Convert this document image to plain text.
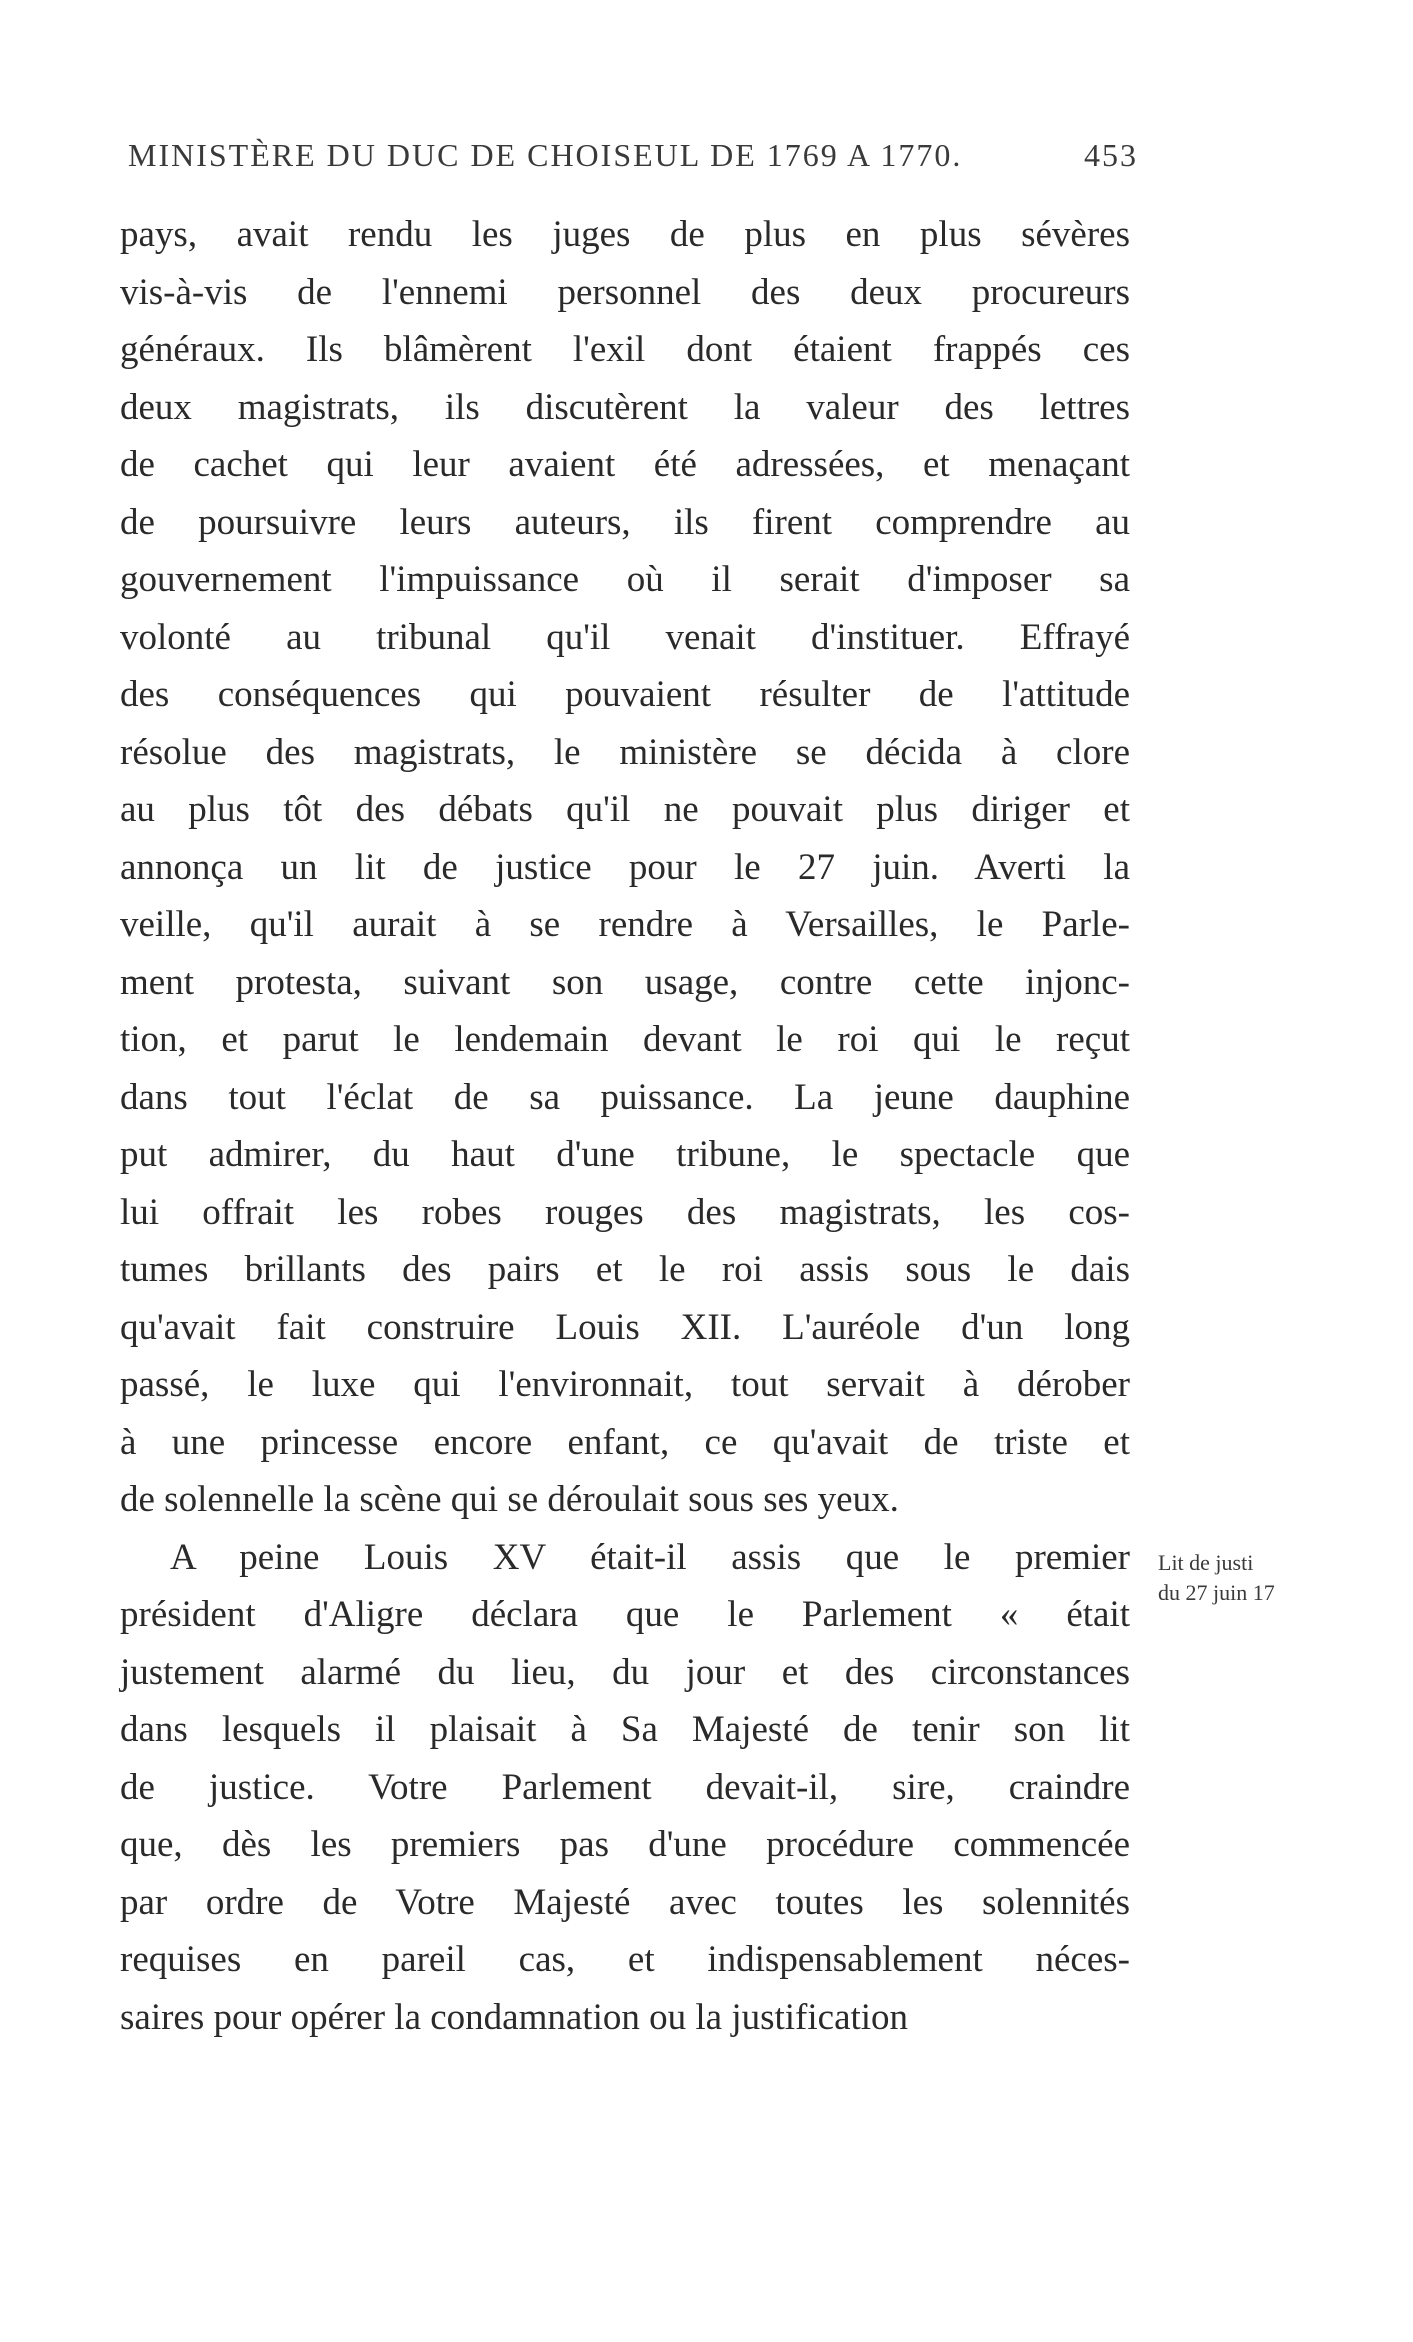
MINISTÈRE DU DUC DE CHOISEUL DE 1769 A 1770.	453
pays, avait rendu les juges de plus en plus sévères
vis-à-vis de l'ennemi personnel des deux procureurs
généraux. Ils blâmèrent l'exil dont étaient frappés ces
deux magistrats, ils discutèrent la valeur des lettres
de cachet qui leur avaient été adressées, et menaçant
de poursuivre leurs auteurs, ils firent comprendre au
gouvernement l'impuissance où il serait d'imposer sa
volonté au tribunal qu'il venait d'instituer. Effrayé
des conséquences qui pouvaient résulter de l'attitude
résolue des magistrats, le ministère se décida à clore
au plus tôt des débats qu'il ne pouvait plus diriger et
annonça un lit de justice pour le 27 juin. Averti la
veille, qu'il aurait à se rendre à Versailles, le Parle-
ment protesta, suivant son usage, contre cette injonc-
tion, et parut le lendemain devant le roi qui le reçut
dans tout l'éclat de sa puissance. La jeune dauphine
put admirer, du haut d'une tribune, le spectacle que
lui offrait les robes rouges des magistrats, les cos-
tumes brillants des pairs et le roi assis sous le dais
qu'avait fait construire Louis XII. L'auréole d'un long
passé, le luxe qui l'environnait, tout servait à dérober
à une princesse encore enfant, ce qu'avait de triste et
de solennelle la scène qui se déroulait sous ses yeux.
A peine Louis XV était-il assis que le premier
président d'Aligre déclara que le Parlement « était
justement alarmé du lieu, du jour et des circonstances
dans lesquels il plaisait à Sa Majesté de tenir son lit
de justice. Votre Parlement devait-il, sire, craindre
que, dès les premiers pas d'une procédure commencée
par ordre de Votre Majesté avec toutes les solennités
requises en pareil cas, et indispensablement néces-
saires pour opérer la condamnation ou la justification
Lit de justi
du 27 juin 17
